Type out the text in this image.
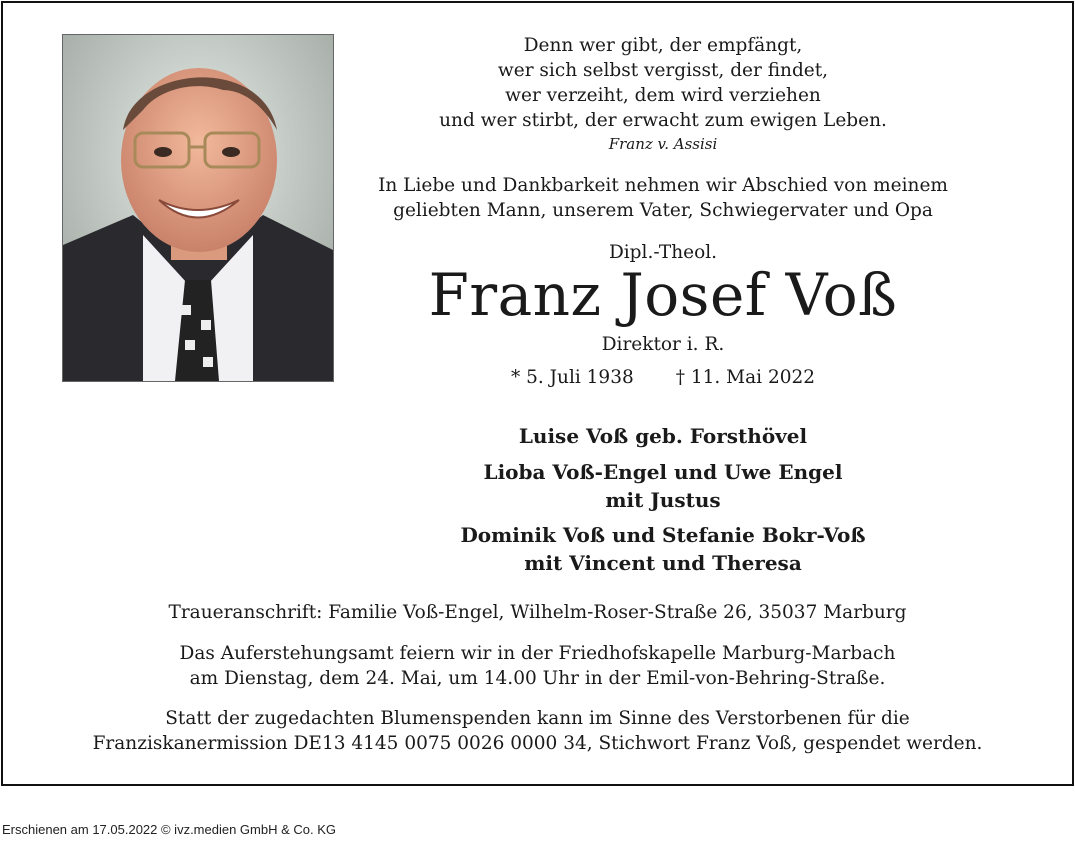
Denn wer gibt, der empfängt,
wer sich selbst vergisst, der findet,
wer verzeiht, dem wird verziehen
und wer stirbt, der erwacht zum ewigen Leben.
Franz v. Assisi
In Liebe und Dankbarkeit nehmen wir Abschied von meinem
geliebten Mann, unserem Vater, Schwiegervater und Opa
Dipl.-Theol.
Franz Josef Voß
Direktor i. R.
* 5. Juli 1938 † 11. Mai 2022
Luise Voß geb. Forsthövel
Lioba Voß-Engel und Uwe Engel
mit Justus
Dominik Voß und Stefanie Bokr-Voß
mit Vincent und Theresa
Traueranschrift: Familie Voß-Engel, Wilhelm-Roser-Straße 26, 35037 Marburg
Das Auferstehungsamt feiern wir in der Friedhofskapelle Marburg-Marbach
am Dienstag, dem 24. Mai, um 14.00 Uhr in der Emil-von-Behring-Straße.
Statt der zugedachten Blumenspenden kann im Sinne des Verstorbenen für die
Franziskanermission DE13 4145 0075 0026 0000 34, Stichwort Franz Voß, gespendet werden.
Erschienen am 17.05.2022 © ivz.medien GmbH & Co. KG
